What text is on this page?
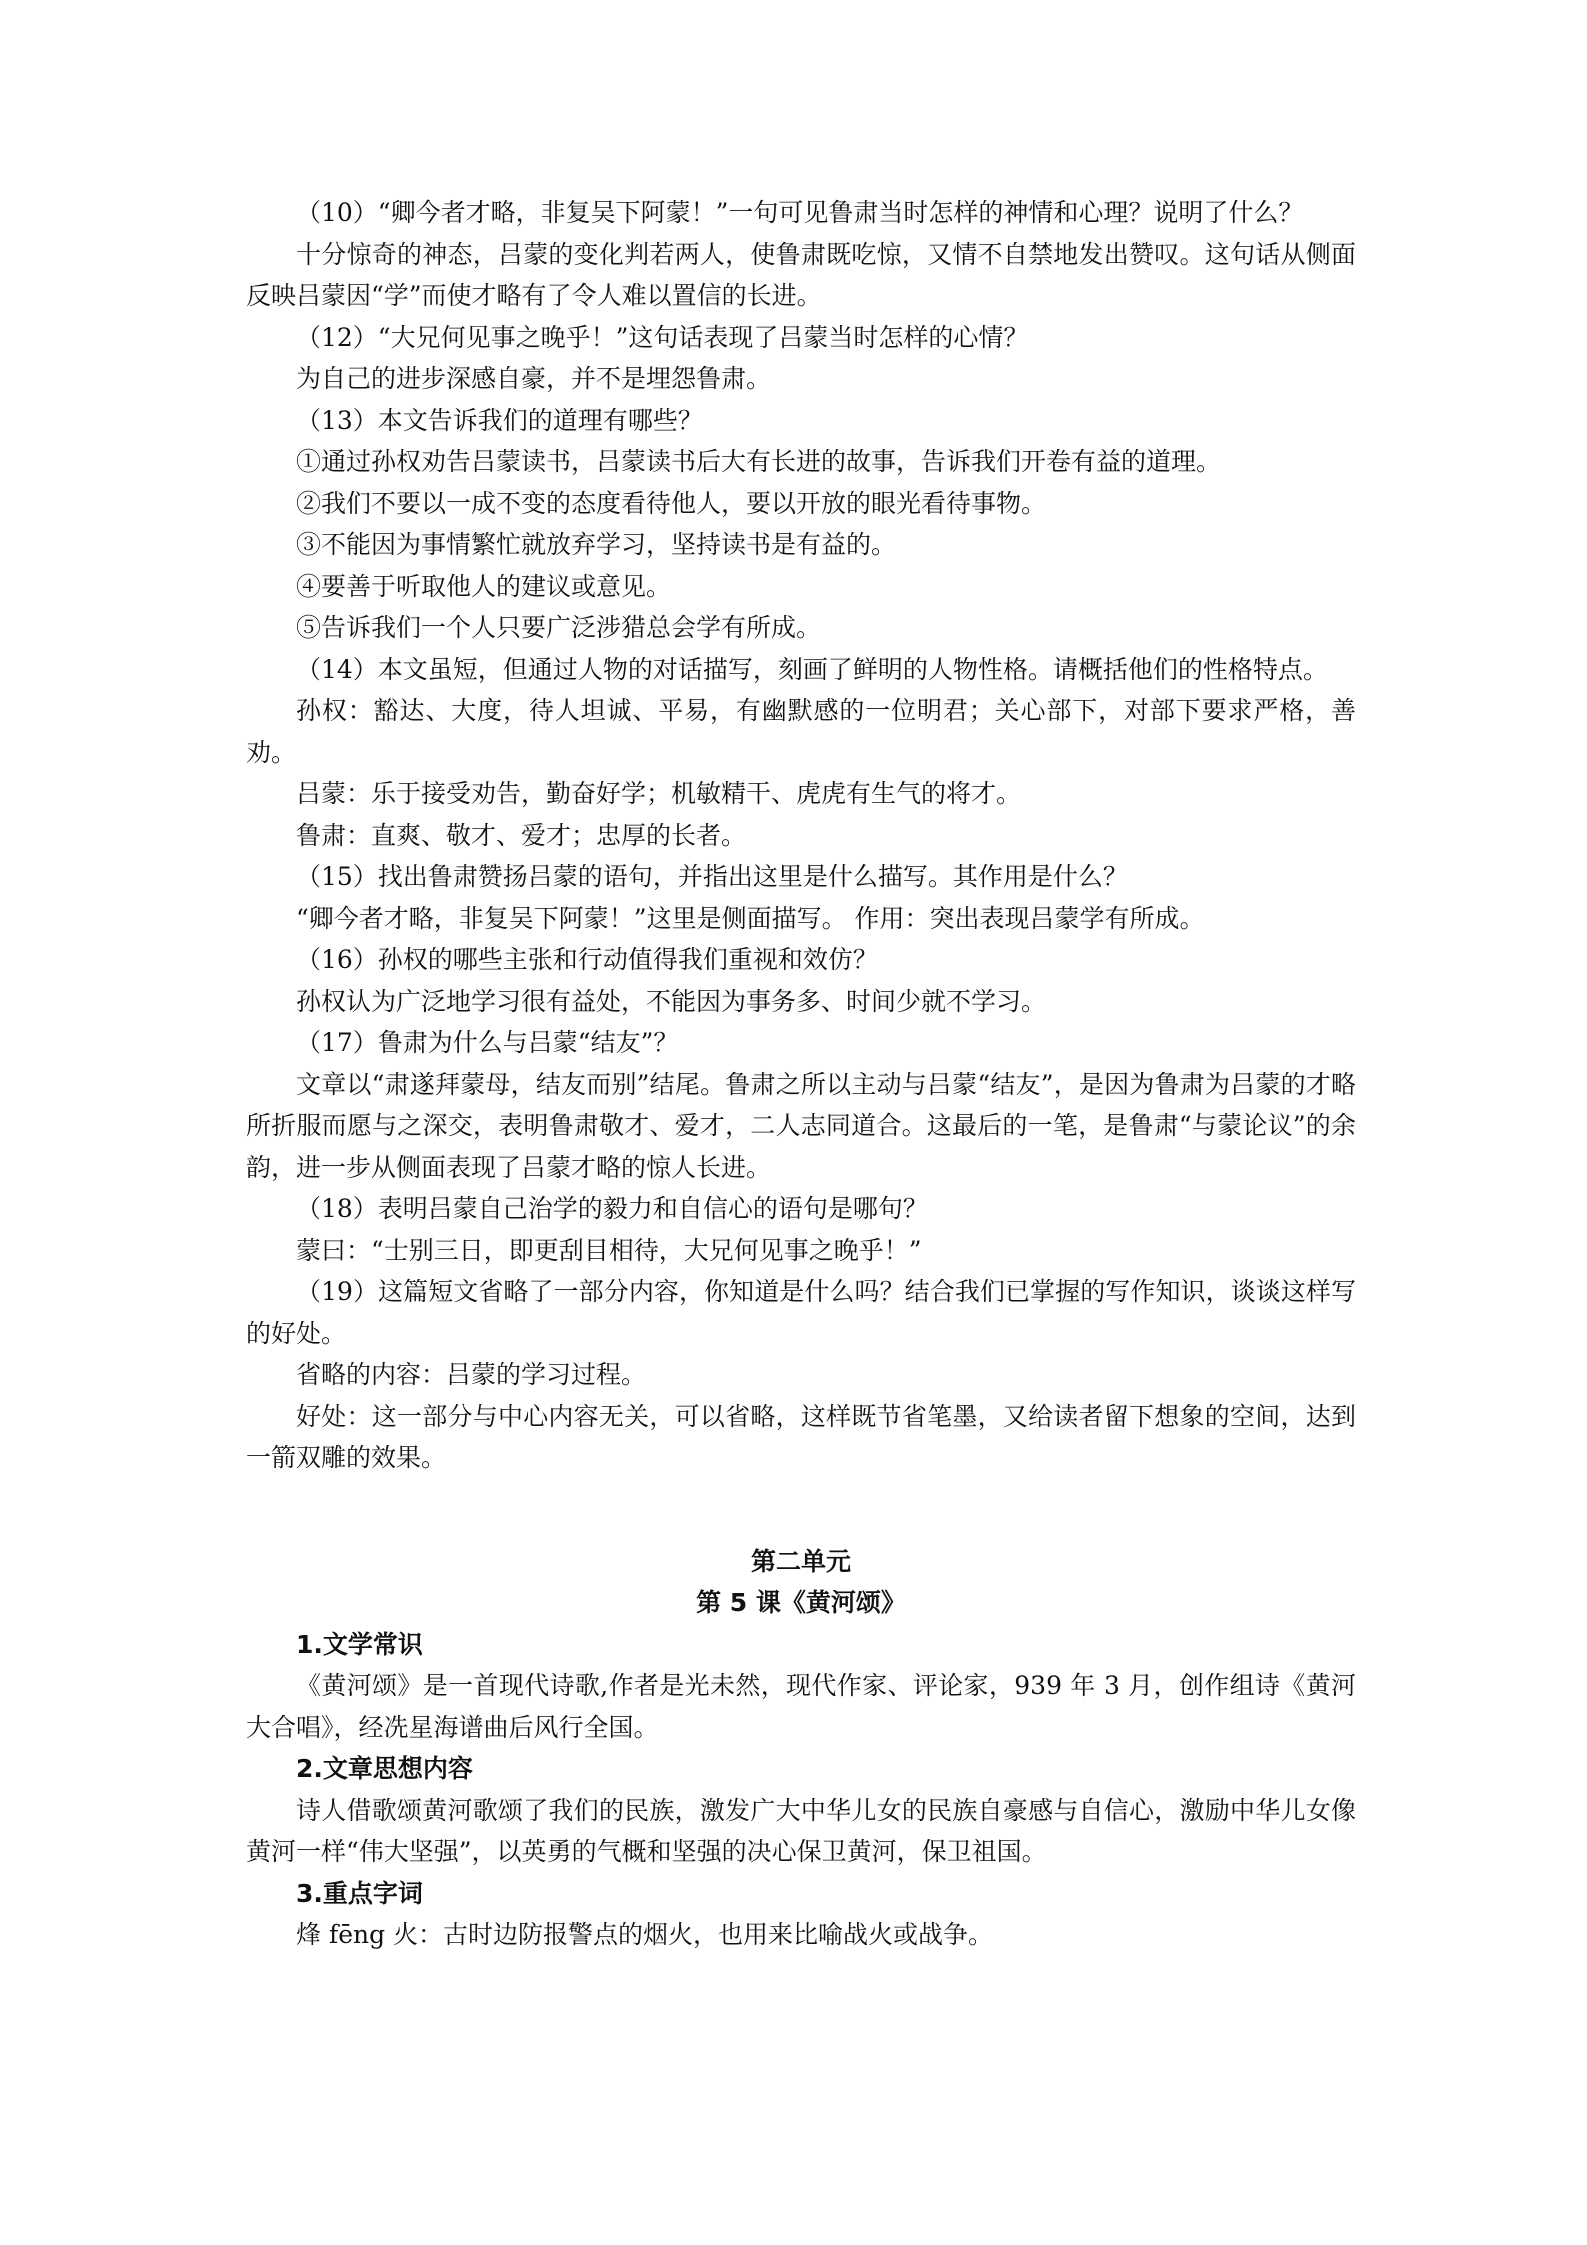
（10）“卿今者才略，非复吴下阿蒙！”一句可见鲁肃当时怎样的神情和心理？说明了什么？
十分惊奇的神态，吕蒙的变化判若两人，使鲁肃既吃惊，又情不自禁地发出赞叹。这句话从侧面反映吕蒙因“学”而使才略有了令人难以置信的长进。
（12）“大兄何见事之晚乎！”这句话表现了吕蒙当时怎样的心情？
为自己的进步深感自豪，并不是埋怨鲁肃。
（13）本文告诉我们的道理有哪些？
①通过孙权劝告吕蒙读书，吕蒙读书后大有长进的故事，告诉我们开卷有益的道理。
②我们不要以一成不变的态度看待他人，要以开放的眼光看待事物。
③不能因为事情繁忙就放弃学习，坚持读书是有益的。
④要善于听取他人的建议或意见。
⑤告诉我们一个人只要广泛涉猎总会学有所成。
（14）本文虽短，但通过人物的对话描写，刻画了鲜明的人物性格。请概括他们的性格特点。
孙权：豁达、大度，待人坦诚、平易，有幽默感的一位明君；关心部下，对部下要求严格，善劝。
吕蒙：乐于接受劝告，勤奋好学；机敏精干、虎虎有生气的将才。
鲁肃：直爽、敬才、爱才；忠厚的长者。
（15）找出鲁肃赞扬吕蒙的语句，并指出这里是什么描写。其作用是什么？
“卿今者才略，非复吴下阿蒙！”这里是侧面描写。 作用：突出表现吕蒙学有所成。
（16）孙权的哪些主张和行动值得我们重视和效仿？
孙权认为广泛地学习很有益处，不能因为事务多、时间少就不学习。
（17）鲁肃为什么与吕蒙“结友”？
文章以“肃遂拜蒙母，结友而别”结尾。鲁肃之所以主动与吕蒙“结友”，是因为鲁肃为吕蒙的才略所折服而愿与之深交，表明鲁肃敬才、爱才，二人志同道合。这最后的一笔，是鲁肃“与蒙论议”的余韵，进一步从侧面表现了吕蒙才略的惊人长进。
（18）表明吕蒙自己治学的毅力和自信心的语句是哪句？
蒙曰：“士别三日，即更刮目相待，大兄何见事之晚乎！”
（19）这篇短文省略了一部分内容，你知道是什么吗？结合我们已掌握的写作知识，谈谈这样写的好处。
省略的内容：吕蒙的学习过程。
好处：这一部分与中心内容无关，可以省略，这样既节省笔墨，又给读者留下想象的空间，达到一箭双雕的效果。
第二单元
第 5 课《黄河颂》
1.文学常识
《黄河颂》是一首现代诗歌,作者是光未然，现代作家、评论家，939 年 3 月，创作组诗《黄河大合唱》，经冼星海谱曲后风行全国。
2.文章思想内容
诗人借歌颂黄河歌颂了我们的民族，激发广大中华儿女的民族自豪感与自信心，激励中华儿女像黄河一样“伟大坚强”，以英勇的气概和坚强的决心保卫黄河，保卫祖国。
3.重点字词
烽 fēng 火：古时边防报警点的烟火，也用来比喻战火或战争。
